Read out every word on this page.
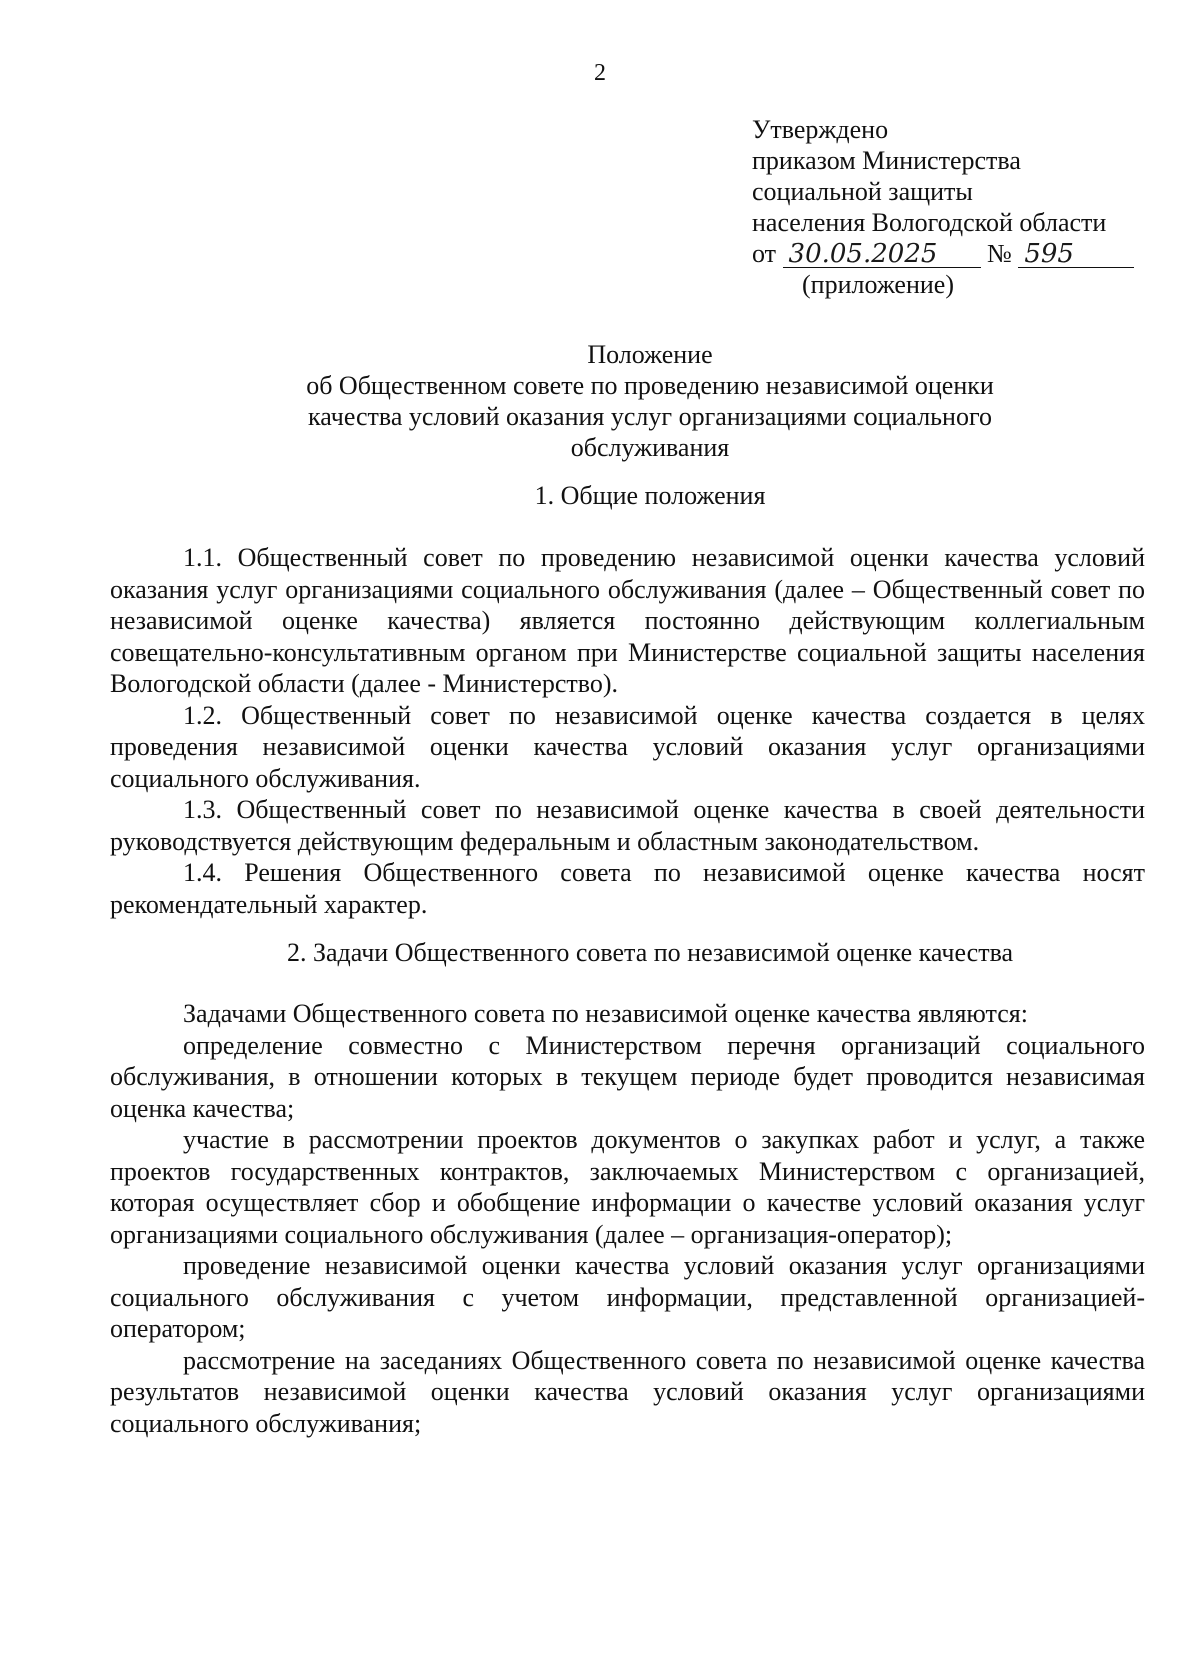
2
Утверждено
приказом Министерства
социальной защиты
населения Вологодской области
от 30.05.2025 № 595
(приложение)
Положение
об Общественном совете по проведению независимой оценки
качества условий оказания услуг организациями социального
обслуживания
1. Общие положения

1.1. Общественный совет по проведению независимой оценки качества условий оказания услуг организациями социального обслуживания (далее – Общественный совет по независимой оценке качества) является постоянно действующим коллегиальным совещательно-консультативным органом при Министерстве социальной защиты населения Вологодской области (далее - Министерство).

1.2. Общественный совет по независимой оценке качества создается в целях проведения независимой оценки качества условий оказания услуг организациями социального обслуживания.

1.3. Общественный совет по независимой оценке качества в своей деятельности руководствуется действующим федеральным и областным законодательством.

1.4. Решения Общественного совета по независимой оценке качества носят рекомендательный характер.

2. Задачи Общественного совета по независимой оценке качества

Задачами Общественного совета по независимой оценке качества являются:

определение совместно с Министерством перечня организаций социального обслуживания, в отношении которых в текущем периоде будет проводится независимая оценка качества;

участие в рассмотрении проектов документов о закупках работ и услуг, а также проектов государственных контрактов, заключаемых Министерством с организацией, которая осуществляет сбор и обобщение информации о качестве условий оказания услуг организациями социального обслуживания (далее – организация-оператор);

проведение независимой оценки качества условий оказания услуг организациями социального обслуживания с учетом информации, представленной организацией-оператором;

рассмотрение на заседаниях Общественного совета по независимой оценке качества результатов независимой оценки качества условий оказания услуг организациями социального обслуживания;
